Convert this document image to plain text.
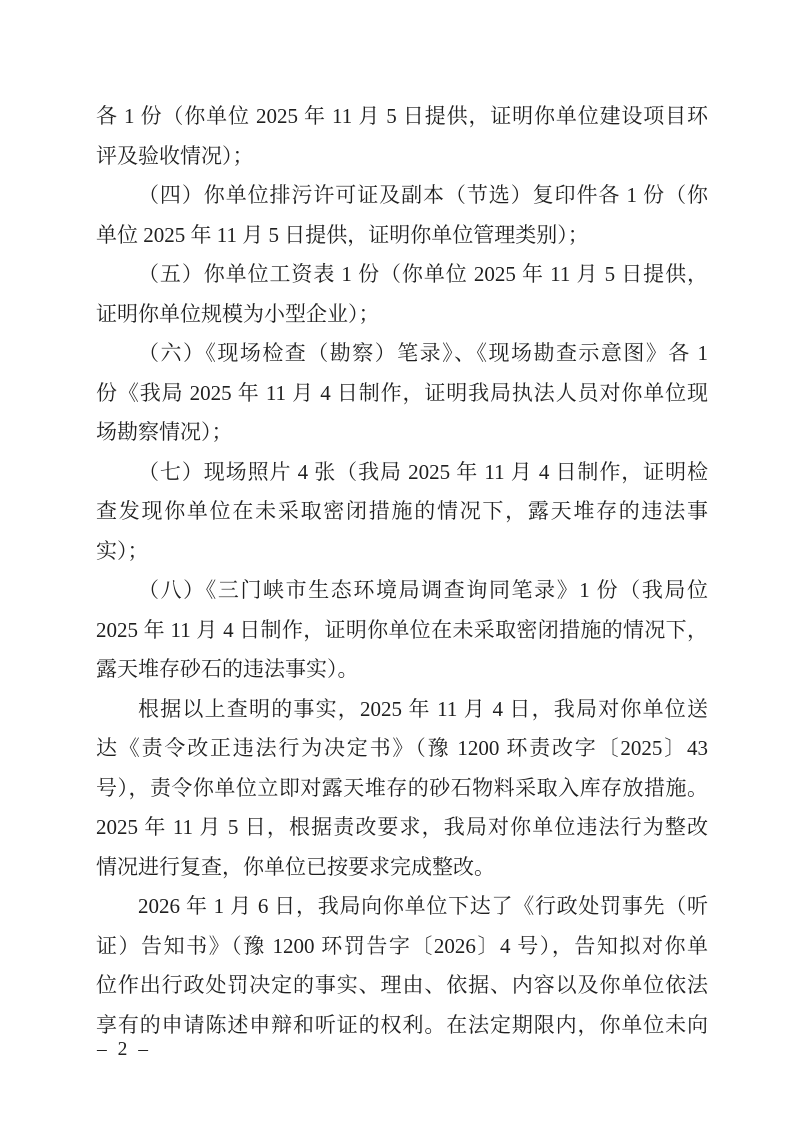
各 1 份（你单位 2025 年 11 月 5 日提供，证明你单位建设项目环
评及验收情况）；
（四）你单位排污许可证及副本（节选）复印件各 1 份（你
单位 2025 年 11 月 5 日提供，证明你单位管理类别）；
（五）你单位工资表 1 份（你单位 2025 年 11 月 5 日提供，
证明你单位规模为小型企业）；
（六）《现场检查（勘察）笔录》、《现场勘查示意图》各 1
份《我局 2025 年 11 月 4 日制作，证明我局执法人员对你单位现
场勘察情况）；
（七）现场照片 4 张（我局 2025 年 11 月 4 日制作，证明检
查发现你单位在未采取密闭措施的情况下，露天堆存的违法事
实）；
（八）《三门峡市生态环境局调查询同笔录》1 份（我局位
2025 年 11 月 4 日制作，证明你单位在未采取密闭措施的情况下，
露天堆存砂石的违法事实）。
根据以上查明的事实，2025 年 11 月 4 日，我局对你单位送
达《责令改正违法行为决定书》（豫 1200 环责改字〔2025〕43
号），责令你单位立即对露天堆存的砂石物料采取入库存放措施。
2025 年 11 月 5 日，根据责改要求，我局对你单位违法行为整改
情况进行复查，你单位已按要求完成整改。
2026 年 1 月 6 日，我局向你单位下达了《行政处罚事先（听
证）告知书》（豫 1200 环罚告字〔2026〕4 号），告知拟对你单
位作出行政处罚决定的事实、理由、依据、内容以及你单位依法
享有的申请陈述申辩和听证的权利。在法定期限内，你单位未向
– 2 –
